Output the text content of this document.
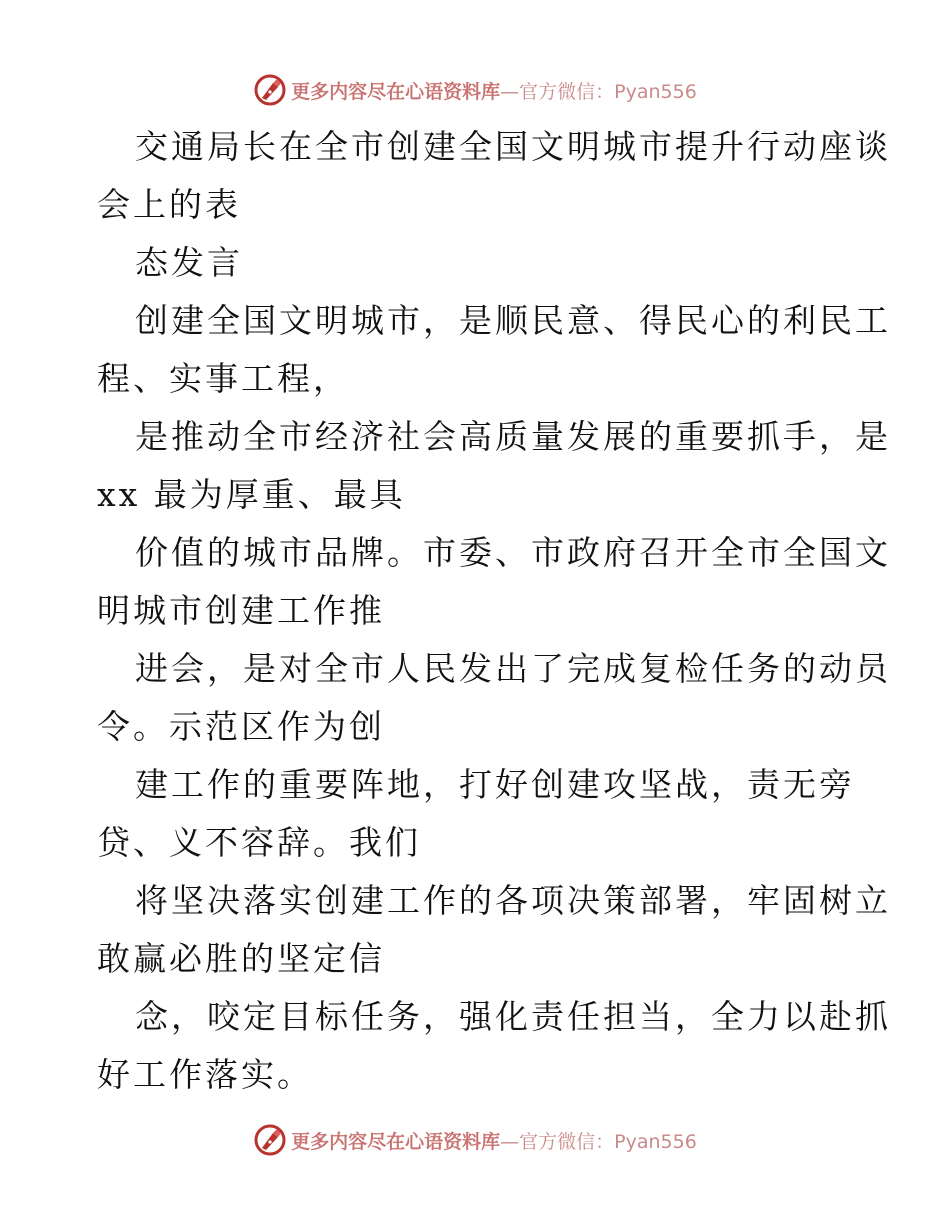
更多内容尽在心语资料库 —官方微信：Pyan556
交通局长在全市创建全国文明城市提升行动座谈
会上的表
态发言
创建全国文明城市，是顺民意、得民心的利民工
程、实事工程，
是推动全市经济社会高质量发展的重要抓手，是
xx 最为厚重、最具
价值的城市品牌。市委、市政府召开全市全国文
明城市创建工作推
进会，是对全市人民发出了完成复检任务的动员
令。示范区作为创
建工作的重要阵地，打好创建攻坚战，责无旁
贷、义不容辞。我们
将坚决落实创建工作的各项决策部署，牢固树立
敢赢必胜的坚定信
念，咬定目标任务，强化责任担当，全力以赴抓
好工作落实。
更多内容尽在心语资料库 —官方微信：Pyan556
